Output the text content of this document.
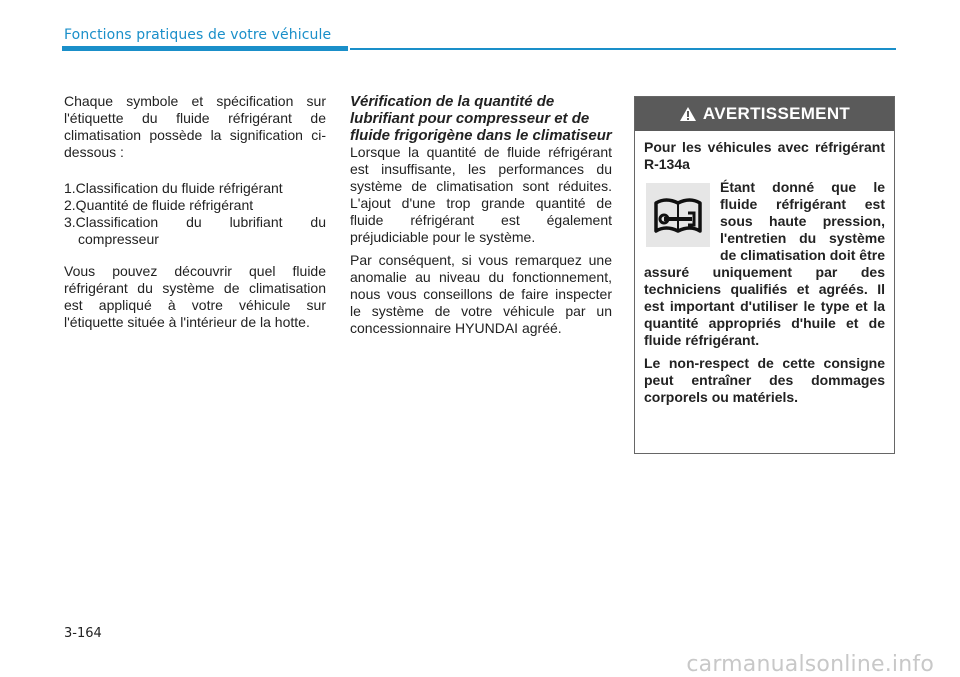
Fonctions pratiques de votre véhicule

Chaque symbole et spécification sur l'étiquette du fluide réfrigérant de climatisation possède la signification ci-dessous :

1.Classification du fluide réfrigérant

2.Quantité de fluide réfrigérant

3.Classification du lubrifiant du compresseur

Vous pouvez découvrir quel fluide réfrigérant du système de climatisation est appliqué à votre véhicule sur l'étiquette située à l'intérieur de la hotte.

Vérification de la quantité de lubrifiant pour compresseur et de fluide frigorigène dans le climatiseur

Lorsque la quantité de fluide réfrigérant est insuffisante, les performances du système de climatisation sont réduites. L'ajout d'une trop grande quantité de fluide réfrigérant est également préjudiciable pour le système.

Par conséquent, si vous remarquez une anomalie au niveau du fonctionnement, nous vous conseillons de faire inspecter le système de votre véhicule par un concessionnaire HYUNDAI agréé.

AVERTISSEMENT

Pour les véhicules avec réfrigérant R-134a

Étant donné que le fluide réfrigérant est sous haute pression, l'entretien du système de climatisation doit être assuré uniquement par des techniciens qualifiés et agréés. Il est important d'utiliser le type et la quantité appropriés d'huile et de fluide réfrigérant.

Le non-respect de cette consigne peut entraîner des dommages corporels ou matériels.

3-164
carmanualsonline.info
